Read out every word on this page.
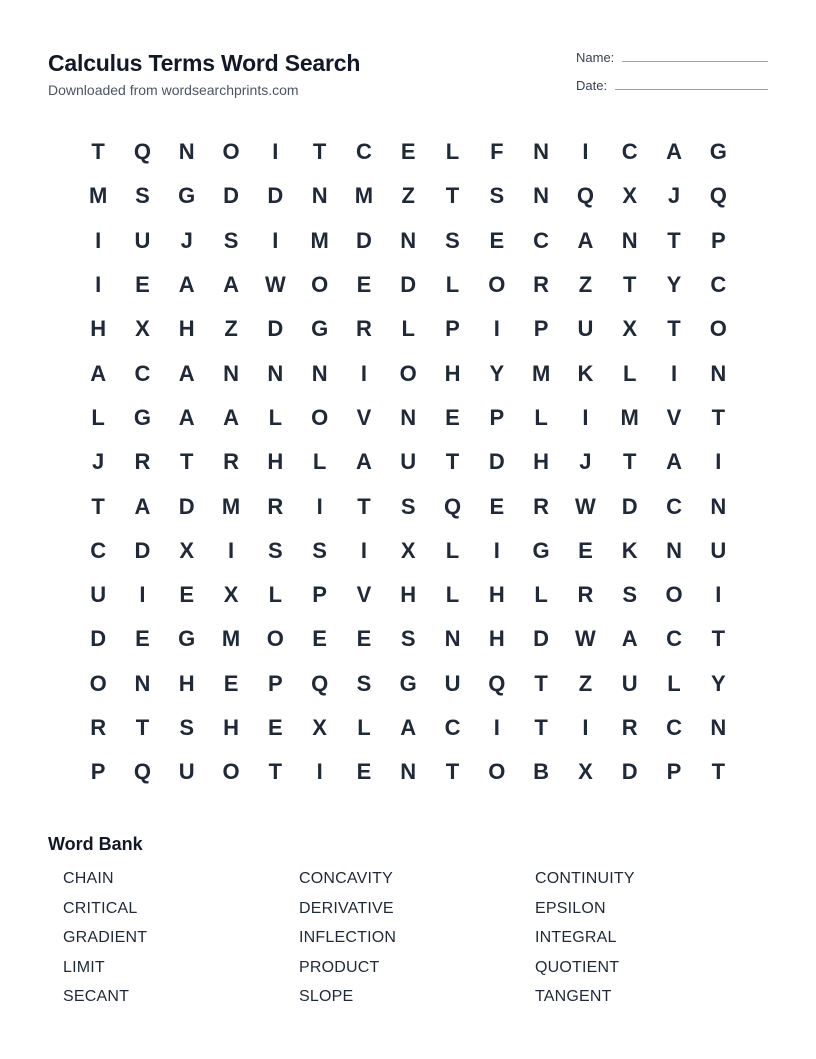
Calculus Terms Word Search
Downloaded from wordsearchprints.com
Name:
Date:
T	Q	N	O	I	T	C	E	L	F	N	I	C	A	G
M	S	G	D	D	N	M	Z	T	S	N	Q	X	J	Q
I	U	J	S	I	M	D	N	S	E	C	A	N	T	P
I	E	A	A	W	O	E	D	L	O	R	Z	T	Y	C
H	X	H	Z	D	G	R	L	P	I	P	U	X	T	O
A	C	A	N	N	N	I	O	H	Y	M	K	L	I	N
L	G	A	A	L	O	V	N	E	P	L	I	M	V	T
J	R	T	R	H	L	A	U	T	D	H	J	T	A	I
T	A	D	M	R	I	T	S	Q	E	R	W	D	C	N
C	D	X	I	S	S	I	X	L	I	G	E	K	N	U
U	I	E	X	L	P	V	H	L	H	L	R	S	O	I
D	E	G	M	O	E	E	S	N	H	D	W	A	C	T
O	N	H	E	P	Q	S	G	U	Q	T	Z	U	L	Y
R	T	S	H	E	X	L	A	C	I	T	I	R	C	N
P	Q	U	O	T	I	E	N	T	O	B	X	D	P	T
Word Bank
CHAIN	CONCAVITY	CONTINUITY
CRITICAL	DERIVATIVE	EPSILON
GRADIENT	INFLECTION	INTEGRAL
LIMIT	PRODUCT	QUOTIENT
SECANT	SLOPE	TANGENT
